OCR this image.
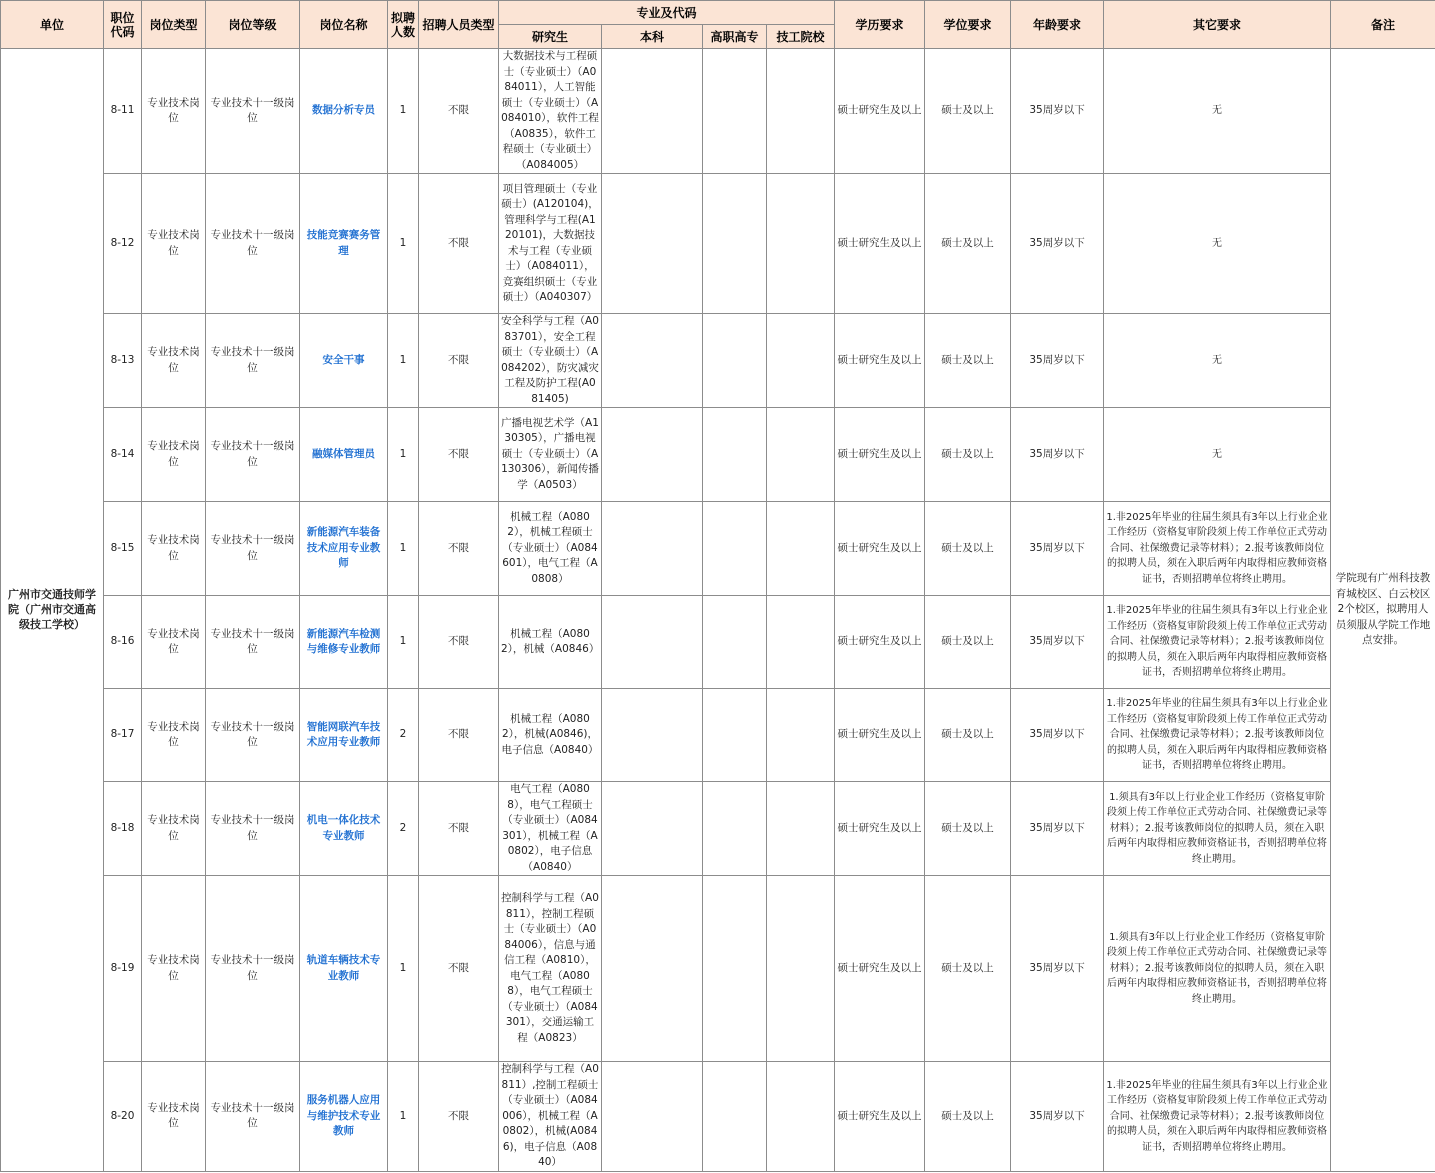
单位	职位代码	岗位类型	岗位等级	岗位名称	拟聘人数	招聘人员类型	专业及代码				学历要求	学位要求	年龄要求	其它要求	备注
							研究生	本科	高职高专	技工院校					
广州市交通技师学院（广州市交通高级技工学校）	8-11	专业技术岗位	专业技术十一级岗位	数据分析专员	1	不限	大数据技术与工程硕士（专业硕士）（A084011），人工智能硕士（专业硕士）（A084010），软件工程（A0835），软件工程硕士（专业硕士）（A084005）				硕士研究生及以上	硕士及以上	35周岁以下	无	学院现有广州科技教育城校区、白云校区2个校区，拟聘用人员须服从学院工作地点安排。
	8-12	专业技术岗位	专业技术十一级岗位	技能竞赛赛务管理	1	不限	项目管理硕士（专业硕士）(A120104)，管理科学与工程(A120101)，大数据技术与工程（专业硕士）（A084011），竞赛组织硕士（专业硕士）（A040307）				硕士研究生及以上	硕士及以上	35周岁以下	无	
	8-13	专业技术岗位	专业技术十一级岗位	安全干事	1	不限	安全科学与工程（A083701），安全工程硕士（专业硕士）（A084202），防灾减灾工程及防护工程(A081405)				硕士研究生及以上	硕士及以上	35周岁以下	无	
	8-14	专业技术岗位	专业技术十一级岗位	融媒体管理员	1	不限	广播电视艺术学（A130305），广播电视硕士（专业硕士）（A130306），新闻传播学（A0503）				硕士研究生及以上	硕士及以上	35周岁以下	无	
	8-15	专业技术岗位	专业技术十一级岗位	新能源汽车装备技术应用专业教师	1	不限	机械工程（A0802），机械工程硕士（专业硕士）（A084601），电气工程（A0808）				硕士研究生及以上	硕士及以上	35周岁以下	1.非2025年毕业的往届生须具有3年以上行业企业工作经历（资格复审阶段须上传工作单位正式劳动合同、社保缴费记录等材料）；2.报考该教师岗位的拟聘人员，须在入职后两年内取得相应教师资格证书，否则招聘单位将终止聘用。	
	8-16	专业技术岗位	专业技术十一级岗位	新能源汽车检测与维修专业教师	1	不限	机械工程（A0802），机械（A0846）				硕士研究生及以上	硕士及以上	35周岁以下	1.非2025年毕业的往届生须具有3年以上行业企业工作经历（资格复审阶段须上传工作单位正式劳动合同、社保缴费记录等材料）；2.报考该教师岗位的拟聘人员，须在入职后两年内取得相应教师资格证书，否则招聘单位将终止聘用。	
	8-17	专业技术岗位	专业技术十一级岗位	智能网联汽车技术应用专业教师	2	不限	机械工程（A0802），机械(A0846)，电子信息（A0840）				硕士研究生及以上	硕士及以上	35周岁以下	1.非2025年毕业的往届生须具有3年以上行业企业工作经历（资格复审阶段须上传工作单位正式劳动合同、社保缴费记录等材料）；2.报考该教师岗位的拟聘人员，须在入职后两年内取得相应教师资格证书，否则招聘单位将终止聘用。	
	8-18	专业技术岗位	专业技术十一级岗位	机电一体化技术专业教师	2	不限	电气工程（A0808），电气工程硕士（专业硕士）（A084301），机械工程（A0802），电子信息（A0840）				硕士研究生及以上	硕士及以上	35周岁以下	1.须具有3年以上行业企业工作经历（资格复审阶段须上传工作单位正式劳动合同、社保缴费记录等材料）；2.报考该教师岗位的拟聘人员，须在入职后两年内取得相应教师资格证书，否则招聘单位将终止聘用。	
	8-19	专业技术岗位	专业技术十一级岗位	轨道车辆技术专业教师	1	不限	控制科学与工程（A0811），控制工程硕士（专业硕士）（A084006），信息与通信工程（A0810），电气工程（A0808），电气工程硕士（专业硕士）（A084301），交通运输工程（A0823）				硕士研究生及以上	硕士及以上	35周岁以下	1.须具有3年以上行业企业工作经历（资格复审阶段须上传工作单位正式劳动合同、社保缴费记录等材料）；2.报考该教师岗位的拟聘人员，须在入职后两年内取得相应教师资格证书，否则招聘单位将终止聘用。	
	8-20	专业技术岗位	专业技术十一级岗位	服务机器人应用与维护技术专业教师	1	不限	控制科学与工程（A0811）,控制工程硕士（专业硕士）（A084006），机械工程（A0802），机械(A0846)，电子信息（A0840）				硕士研究生及以上	硕士及以上	35周岁以下	1.非2025年毕业的往届生须具有3年以上行业企业工作经历（资格复审阶段须上传工作单位正式劳动合同、社保缴费记录等材料）；2.报考该教师岗位的拟聘人员，须在入职后两年内取得相应教师资格证书，否则招聘单位将终止聘用。	
